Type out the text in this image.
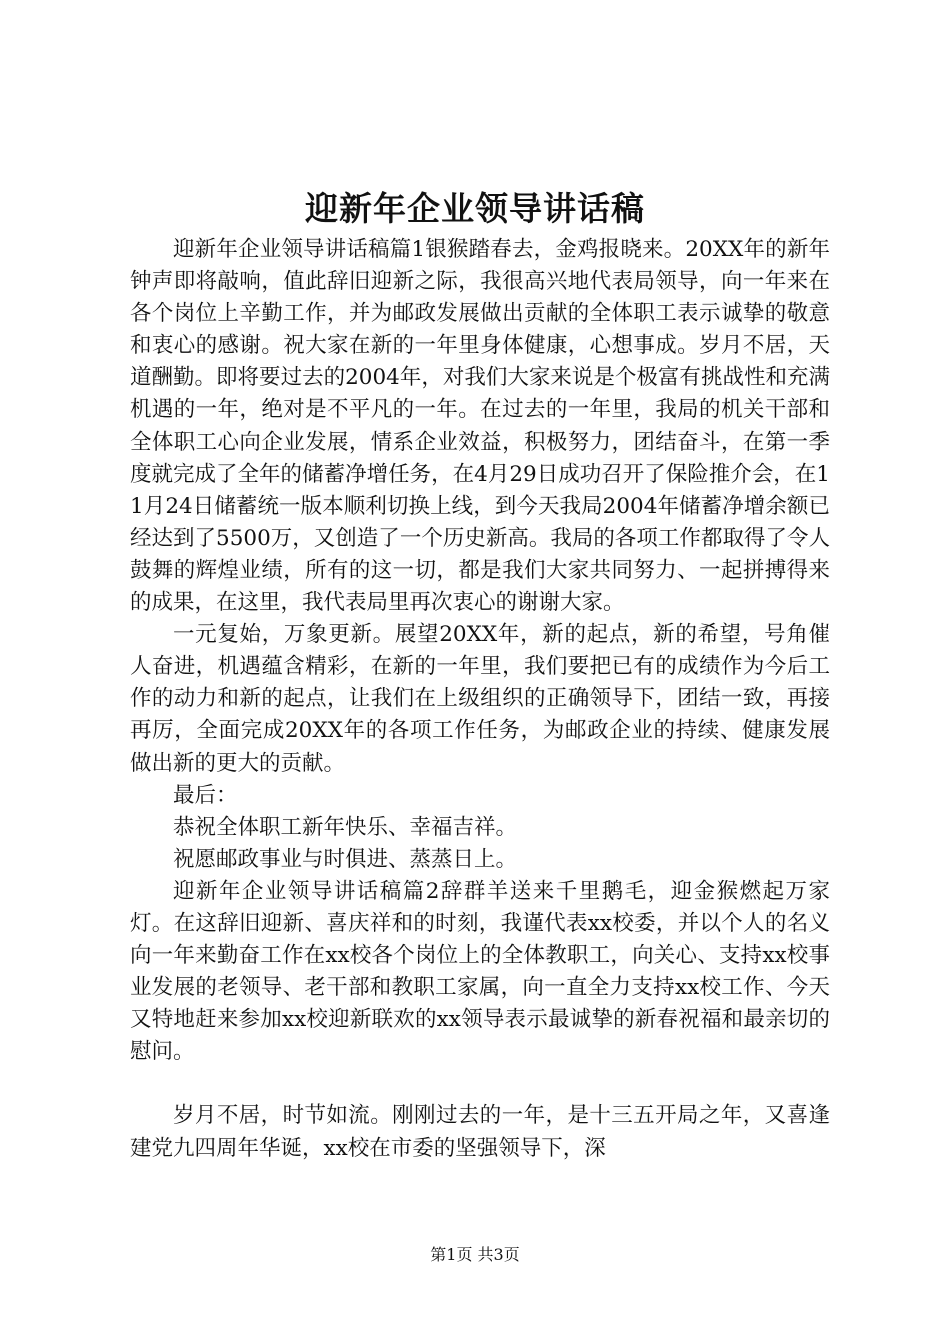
迎新年企业领导讲话稿

迎新年企业领导讲话稿篇1银猴踏春去，金鸡报晓来。20XX年的新年钟声即将敲响，值此辞旧迎新之际，我很高兴地代表局领导，向一年来在各个岗位上辛勤工作，并为邮政发展做出贡献的全体职工表示诚挚的敬意和衷心的感谢。祝大家在新的一年里身体健康，心想事成。岁月不居，天道酬勤。即将要过去的2004年，对我们大家来说是个极富有挑战性和充满机遇的一年，绝对是不平凡的一年。在过去的一年里，我局的机关干部和全体职工心向企业发展，情系企业效益，积极努力，团结奋斗，在第一季度就完成了全年的储蓄净增任务，在4月29日成功召开了保险推介会，在11月24日储蓄统一版本顺利切换上线，到今天我局2004年储蓄净增余额已经达到了5500万，又创造了一个历史新高。我局的各项工作都取得了令人鼓舞的辉煌业绩，所有的这一切，都是我们大家共同努力、一起拼搏得来的成果，在这里，我代表局里再次衷心的谢谢大家。

一元复始，万象更新。展望20XX年，新的起点，新的希望，号角催人奋进，机遇蕴含精彩，在新的一年里，我们要把已有的成绩作为今后工作的动力和新的起点，让我们在上级组织的正确领导下，团结一致，再接再厉，全面完成20XX年的各项工作任务，为邮政企业的持续、健康发展做出新的更大的贡献。

最后：

恭祝全体职工新年快乐、幸福吉祥。

祝愿邮政事业与时俱进、蒸蒸日上。

迎新年企业领导讲话稿篇2辞群羊送来千里鹅毛，迎金猴燃起万家灯。在这辞旧迎新、喜庆祥和的时刻，我谨代表xx校委，并以个人的名义向一年来勤奋工作在xx校各个岗位上的全体教职工，向关心、支持xx校事业发展的老领导、老干部和教职工家属，向一直全力支持xx校工作、今天又特地赶来参加xx校迎新联欢的xx领导表示最诚挚的新春祝福和最亲切的慰问。

岁月不居，时节如流。刚刚过去的一年，是十三五开局之年，又喜逢建党九四周年华诞，xx校在市委的坚强领导下，深

第1页 共3页
